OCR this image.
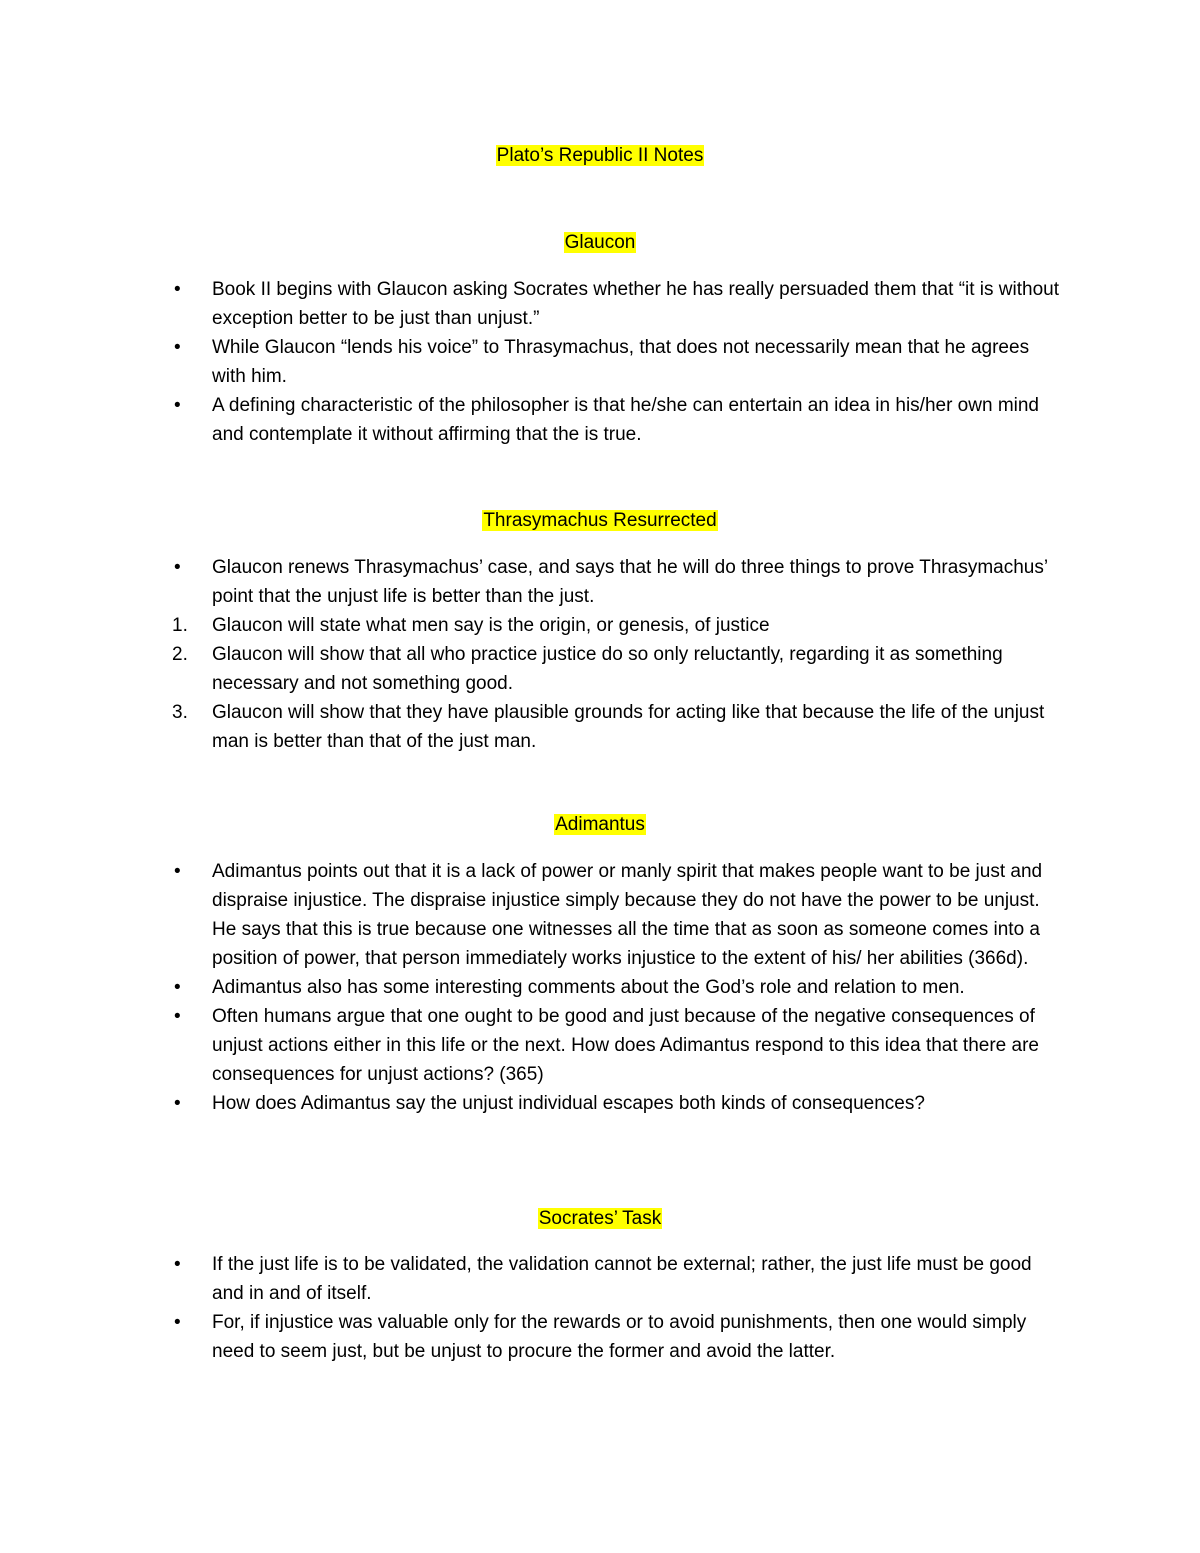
Plato’s Republic II Notes
Glaucon
•	Book II begins with Glaucon asking Socrates whether he has really persuaded them that “it is without exception better to be just than unjust.”
•	While Glaucon “lends his voice” to Thrasymachus, that does not necessarily mean that he agrees with him.
•	A defining characteristic of the philosopher is that he/she can entertain an idea in his/her own mind and contemplate it without affirming that the is true.
Thrasymachus Resurrected
•	Glaucon renews Thrasymachus’ case, and says that he will do three things to prove Thrasymachus’ point that the unjust life is better than the just.
1.	Glaucon will state what men say is the origin, or genesis, of justice
2.	Glaucon will show that all who practice justice do so only reluctantly, regarding it as something necessary and not something good.
3.	Glaucon will show that they have plausible grounds for acting like that because the life of the unjust man is better than that of the just man.
Adimantus
•	Adimantus points out that it is a lack of power or manly spirit that makes people want to be just and dispraise injustice. The dispraise injustice simply because they do not have the power to be unjust. He says that this is true because one witnesses all the time that as soon as someone comes into a position of power, that person immediately works injustice to the extent of his/ her abilities (366d).
•	Adimantus also has some interesting comments about the God’s role and relation to men.
•	Often humans argue that one ought to be good and just because of the negative consequences of unjust actions either in this life or the next. How does Adimantus respond to this idea that there are consequences for unjust actions? (365)
•	How does Adimantus say the unjust individual escapes both kinds of consequences?
Socrates’ Task
•	If the just life is to be validated, the validation cannot be external; rather, the just life must be good and in and of itself.
•	For, if injustice was valuable only for the rewards or to avoid punishments, then one would simply need to seem just, but be unjust to procure the former and avoid the latter.
